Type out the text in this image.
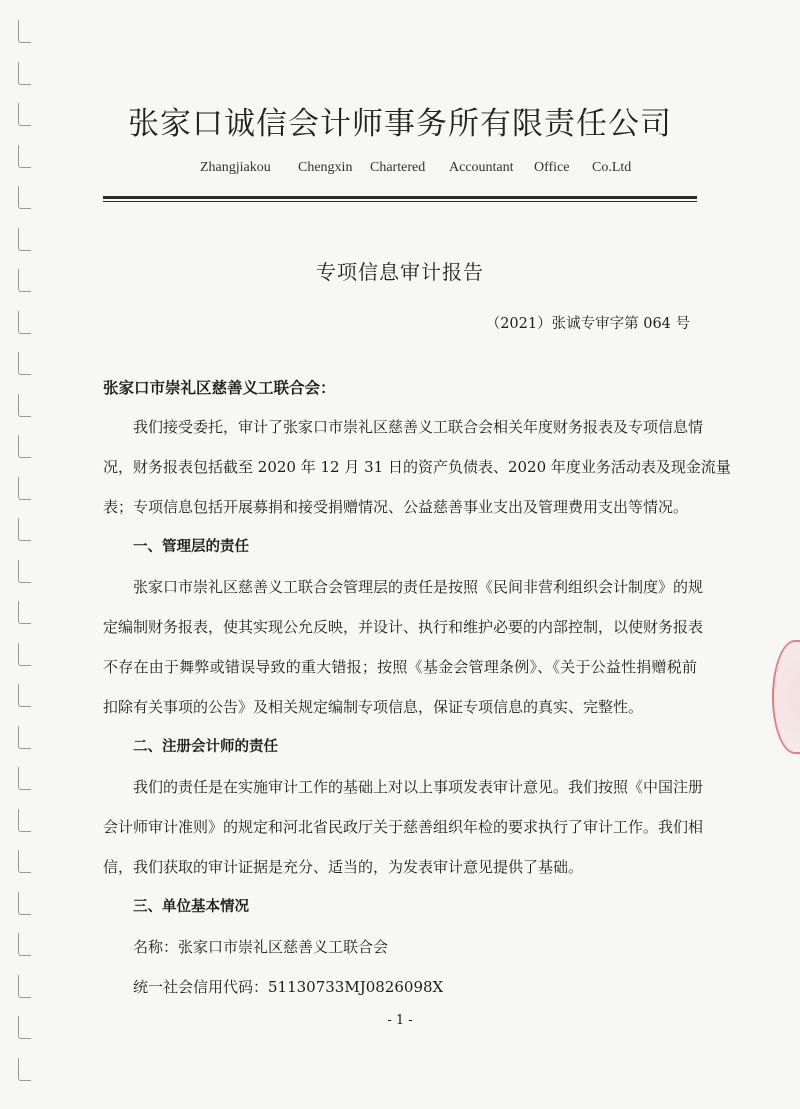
张家口诚信会计师事务所有限责任公司
Zhangjiakou Chengxin Chartered Accountant Office Co.Ltd
专项信息审计报告
（2021）张诚专审字第 064 号
张家口市崇礼区慈善义工联合会：
我们接受委托，审计了张家口市崇礼区慈善义工联合会相关年度财务报表及专项信息情
况，财务报表包括截至 2020 年 12 月 31 日的资产负债表、2020 年度业务活动表及现金流量
表；专项信息包括开展募捐和接受捐赠情况、公益慈善事业支出及管理费用支出等情况。
一、管理层的责任
张家口市崇礼区慈善义工联合会管理层的责任是按照《民间非营利组织会计制度》的规
定编制财务报表，使其实现公允反映，并设计、执行和维护必要的内部控制，以使财务报表
不存在由于舞弊或错误导致的重大错报；按照《基金会管理条例》、《关于公益性捐赠税前
扣除有关事项的公告》及相关规定编制专项信息，保证专项信息的真实、完整性。
二、注册会计师的责任
我们的责任是在实施审计工作的基础上对以上事项发表审计意见。我们按照《中国注册
会计师审计准则》的规定和河北省民政厅关于慈善组织年检的要求执行了审计工作。我们相
信，我们获取的审计证据是充分、适当的，为发表审计意见提供了基础。
三、单位基本情况
名称：张家口市崇礼区慈善义工联合会
统一社会信用代码：51130733MJ0826098X
- 1 -
